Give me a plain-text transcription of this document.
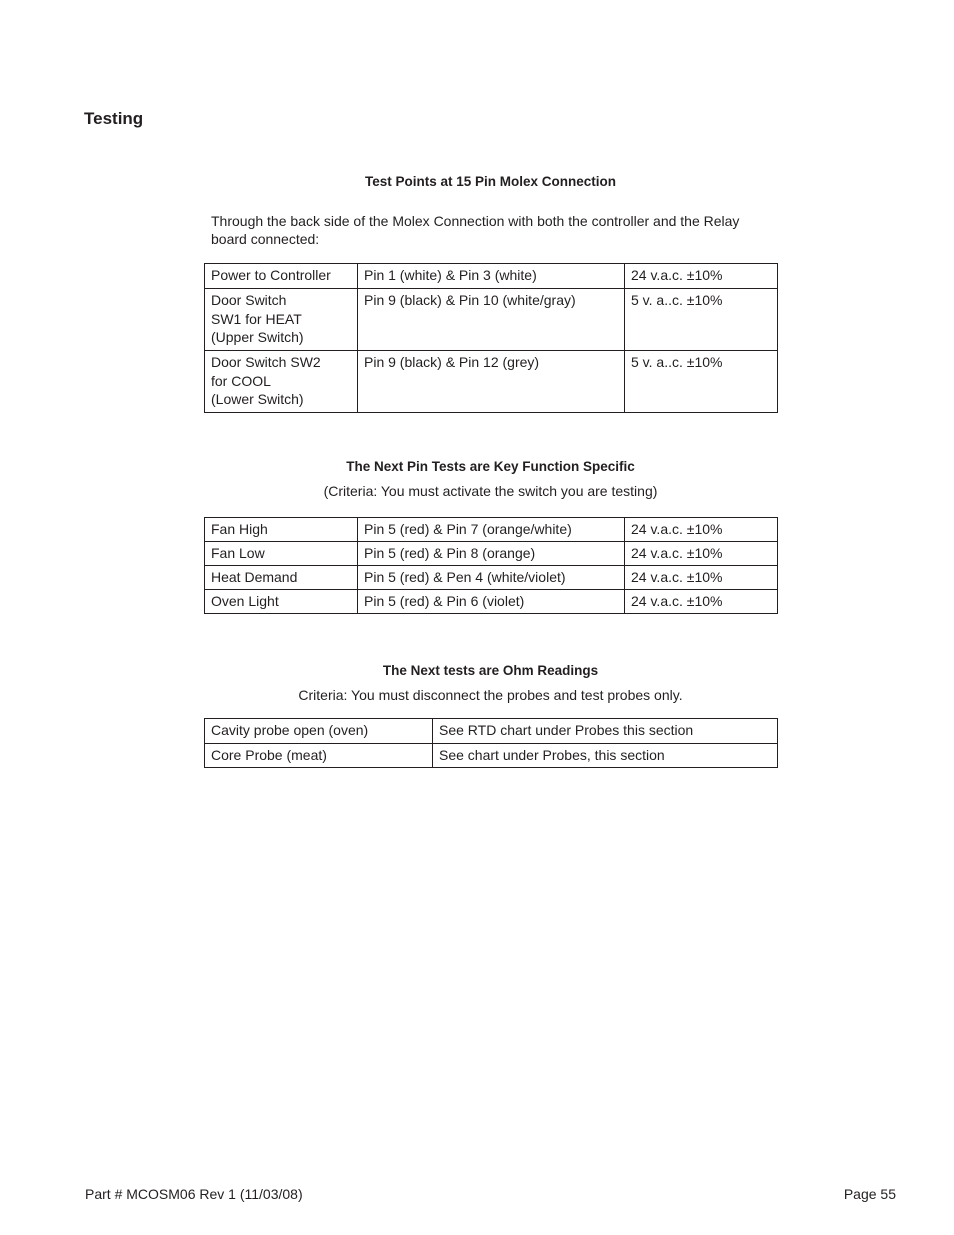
Testing

Test Points at 15 Pin Molex Connection

Through the back side of the Molex Connection with both the controller and the Relay board connected:

Power to Controller	Pin 1 (white) & Pin 3 (white)	24 v.a.c. ±10%
Door Switch
SW1 for HEAT
(Upper Switch)	Pin 9 (black) & Pin 10 (white/gray)	5 v. a..c. ±10%
Door Switch SW2
for COOL
(Lower Switch)	Pin 9 (black) & Pin 12 (grey)	5 v. a..c. ±10%

The Next Pin Tests are Key Function Specific

(Criteria: You must activate the switch you are testing)

Fan High	Pin 5 (red) & Pin 7 (orange/white)	24 v.a.c. ±10%
Fan Low	Pin 5 (red) & Pin 8 (orange)	24 v.a.c. ±10%
Heat Demand	Pin 5 (red) & Pen 4 (white/violet)	24 v.a.c. ±10%
Oven Light	Pin 5 (red) & Pin 6 (violet)	24 v.a.c. ±10%

The Next tests are Ohm Readings

Criteria: You must disconnect the probes and test probes only.

Cavity probe open (oven)	See RTD chart under Probes this section
Core Probe (meat)	See chart under Probes, this section
Part # MCOSM06 Rev 1 (11/03/08)	Page 55
